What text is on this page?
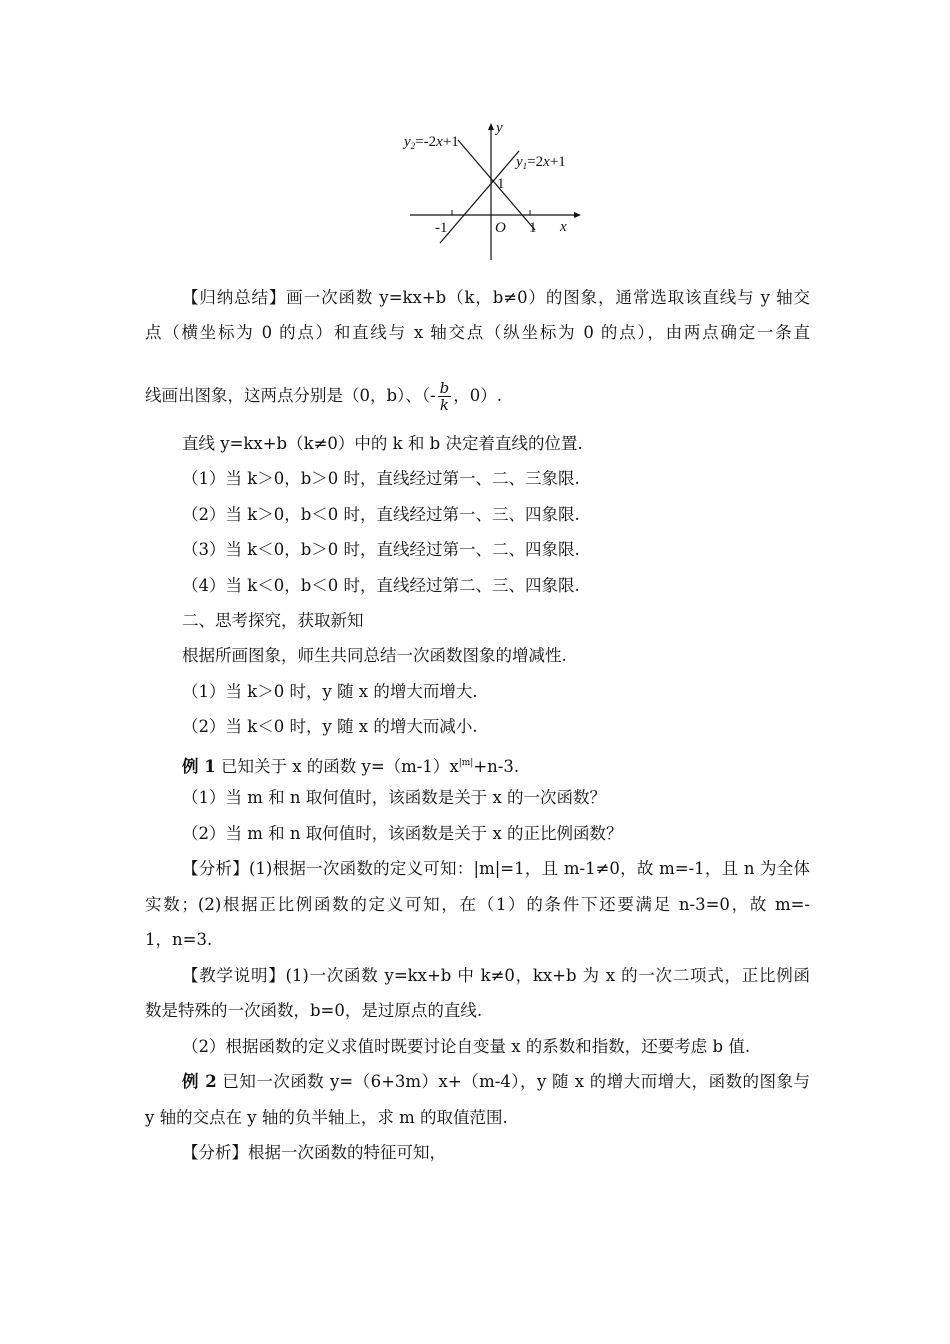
$y_2=-2x+1$
$y_1=2x+1$
y
x
O
-1	1
1
【归纳总结】画一次函数 y=kx+b（k，b≠0）的图象，通常选取该直线与 y 轴交
点（横坐标为 0 的点）和直线与 x 轴交点（纵坐标为 0 的点），由两点确定一条直
线画出图象，这两点分别是（0，b）、（- $\frac{b}{k}$ ，0）.
直线 y=kx+b（k≠0）中的 k 和 b 决定着直线的位置.
（1）当 k＞0，b＞0 时，直线经过第一、二、三象限.
（2）当 k＞0，b＜0 时，直线经过第一、三、四象限.
（3）当 k＜0，b＞0 时，直线经过第一、二、四象限.
（4）当 k＜0，b＜0 时，直线经过第二、三、四象限.
二、思考探究，获取新知
根据所画图象，师生共同总结一次函数图象的增减性.
（1）当 k＞0 时，y 随 x 的增大而增大.
（2）当 k＜0 时，y 随 x 的增大而减小.
例 1 已知关于 x 的函数 $y=(m-1)x^{|m|}+n-3$.
（1）当 m 和 n 取何值时，该函数是关于 x 的一次函数？
（2）当 m 和 n 取何值时，该函数是关于 x 的正比例函数？
【分析】(1)根据一次函数的定义可知：|m|=1，且 m-1≠0，故 m=-1，且 n 为全体
实数；(2)根据正比例函数的定义可知，在（1）的条件下还要满足 n-3=0，故 m=-
1，n=3.
【教学说明】(1)一次函数 y=kx+b 中 k≠0，kx+b 为 x 的一次二项式，正比例函
数是特殊的一次函数，b=0，是过原点的直线.
（2）根据函数的定义求值时既要讨论自变量 x 的系数和指数，还要考虑 b 值.
例 2 已知一次函数 y=（6+3m）x+（m-4），y 随 x 的增大而增大，函数的图象与
y 轴的交点在 y 轴的负半轴上，求 m 的取值范围.
【分析】根据一次函数的特征可知，
